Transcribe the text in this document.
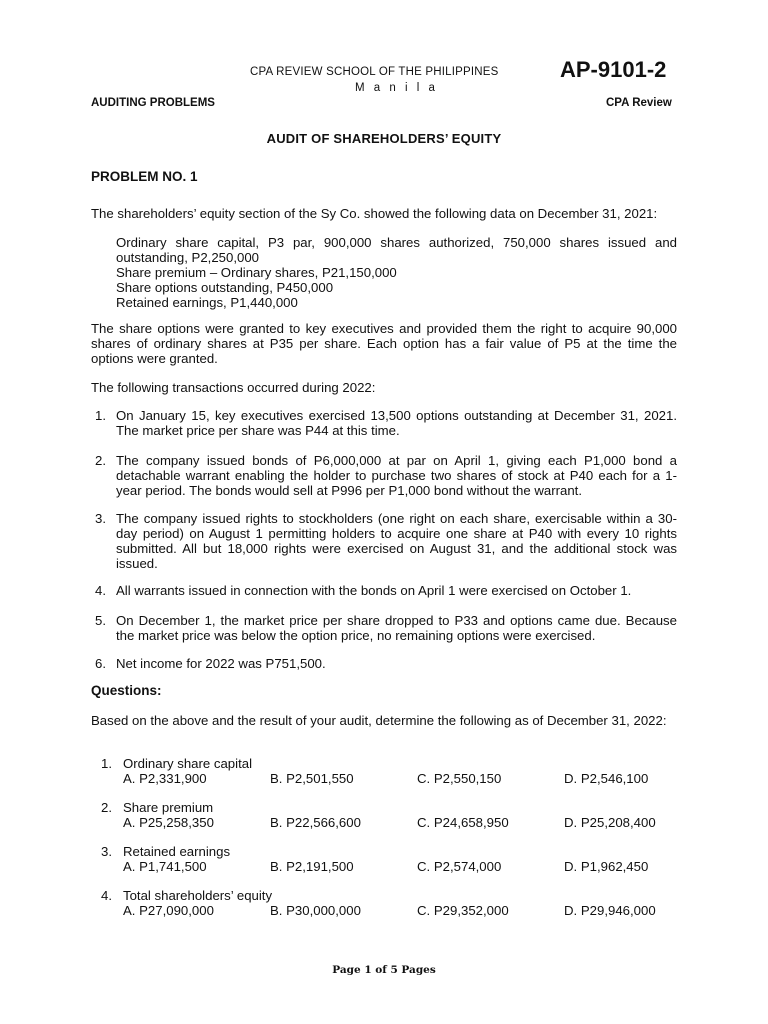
CPA REVIEW SCHOOL OF THE PHILIPPINES
M a n i l a
AP-9101-2
AUDITING PROBLEMS	CPA Review
AUDIT OF SHAREHOLDERS’ EQUITY
PROBLEM NO. 1
The shareholders’ equity section of the Sy Co. showed the following data on December 31, 2021:
Ordinary share capital, P3 par, 900,000 shares authorized, 750,000 shares issued and outstanding, P2,250,000
Share premium – Ordinary shares, P21,150,000
Share options outstanding, P450,000
Retained earnings, P1,440,000
The share options were granted to key executives and provided them the right to acquire 90,000 shares of ordinary shares at P35 per share. Each option has a fair value of P5 at the time the options were granted.
The following transactions occurred during 2022:
1. On January 15, key executives exercised 13,500 options outstanding at December 31, 2021. The market price per share was P44 at this time.
2. The company issued bonds of P6,000,000 at par on April 1, giving each P1,000 bond a detachable warrant enabling the holder to purchase two shares of stock at P40 each for a 1-year period. The bonds would sell at P996 per P1,000 bond without the warrant.
3. The company issued rights to stockholders (one right on each share, exercisable within a 30-day period) on August 1 permitting holders to acquire one share at P40 with every 10 rights submitted. All but 18,000 rights were exercised on August 31, and the additional stock was issued.
4. All warrants issued in connection with the bonds on April 1 were exercised on October 1.
5. On December 1, the market price per share dropped to P33 and options came due. Because the market price was below the option price, no remaining options were exercised.
6. Net income for 2022 was P751,500.
Questions:
Based on the above and the result of your audit, determine the following as of December 31, 2022:
1. Ordinary share capital
A. P2,331,900	B. P2,501,550	C. P2,550,150	D. P2,546,100
2. Share premium
A. P25,258,350	B. P22,566,600	C. P24,658,950	D. P25,208,400
3. Retained earnings
A. P1,741,500	B. P2,191,500	C. P2,574,000	D. P1,962,450
4. Total shareholders’ equity
A. P27,090,000	B. P30,000,000	C. P29,352,000	D. P29,946,000
Page 1 of 5 Pages
